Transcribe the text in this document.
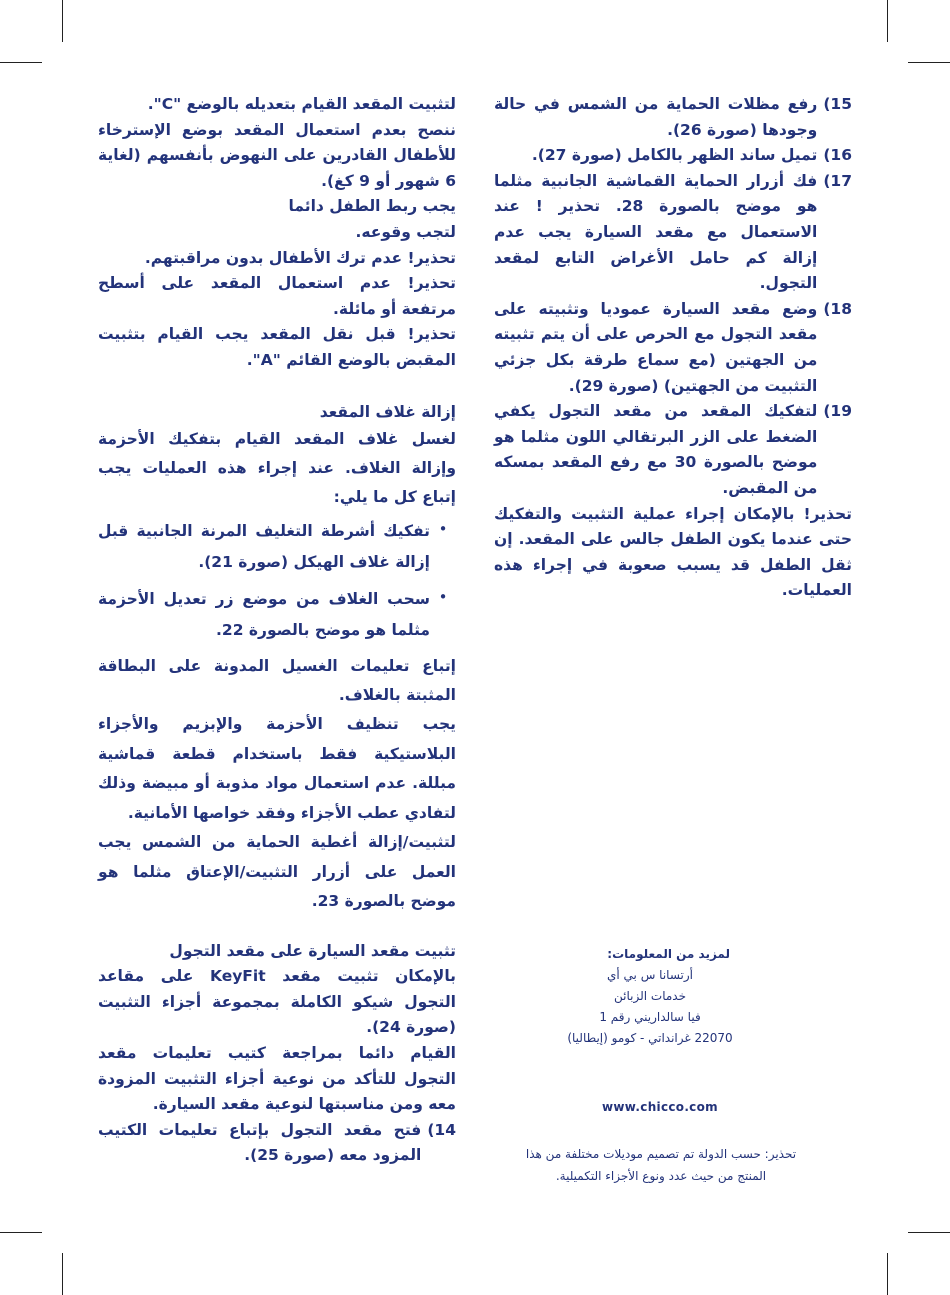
15)
رفع مظلات الحماية من الشمس في حالة وجودها (صورة 26).
16)
تميل ساند الظهر بالكامل (صورة 27).
17)
فك أزرار الحماية القماشية الجانبية مثلما هو موضح بالصورة 28. تحذير ! عند الاستعمال مع مقعد السيارة يجب عدم إزالة كم حامل الأغراض التابع لمقعد التجول.
18)
وضع مقعد السيارة عموديا وتثبيته على مقعد التجول مع الحرص على أن يتم تثبيته من الجهتين (مع سماع طرقة بكل جزئي التثبيت من الجهتين) (صورة 29).
19)
لتفكيك المقعد من مقعد التجول يكفي الضغط على الزر البرتقالي اللون مثلما هو موضح بالصورة 30 مع رفع المقعد بمسكه من المقبض.

تحذير! بالإمكان إجراء عملية التثبيت والتفكيك حتى عندما يكون الطفل جالس على المقعد. إن ثقل الطفل قد يسبب صعوبة في إجراء هذه العمليات.

لتثبيت المقعد القيام بتعديله بالوضع "C".

ننصح بعدم استعمال المقعد بوضع الإسترخاء للأطفال القادرين على النهوض بأنفسهم (لغاية 6 شهور أو 9 كغ).

يجب ربط الطفل دائما

لتجب وقوعه.

تحذير! عدم ترك الأطفال بدون مراقبتهم.

تحذير! عدم استعمال المقعد على أسطح مرتفعة أو مائلة.

تحذير! قبل نقل المقعد يجب القيام بتثبيت المقبض بالوضع القائم "A".

إزالة غلاف المقعد

لغسل غلاف المقعد القيام بتفكيك الأحزمة وإزالة الغلاف. عند إجراء هذه العمليات يجب إتباع كل ما يلي:

•
تفكيك أشرطة التغليف المرنة الجانبية قبل إزالة غلاف الهيكل (صورة 21).
•
سحب الغلاف من موضع زر تعديل الأحزمة مثلما هو موضح بالصورة 22.

إتباع تعليمات الغسيل المدونة على البطاقة المثبتة بالغلاف.

يجب تنظيف الأحزمة والإبزيم والأجزاء البلاستيكية فقط باستخدام قطعة قماشية مبللة. عدم استعمال مواد مذوبة أو مبيضة وذلك لتفادي عطب الأجزاء وفقد خواصها الأمانية.

لتثبيت/إزالة أغطية الحماية من الشمس يجب العمل على أزرار التثبيت/الإعتاق مثلما هو موضح بالصورة 23.

تثبيت مقعد السيارة على مقعد التجول

بالإمكان تثبيت مقعد KeyFit على مقاعد التجول شيكو الكاملة بمجموعة أجزاء التثبيت (صورة 24).

القيام دائما بمراجعة كتيب تعليمات مقعد التجول للتأكد من نوعية أجزاء التثبيت المزودة معه ومن مناسبتها لنوعية مقعد السيارة.

14)
فتح مقعد التجول بإتباع تعليمات الكتيب المزود معه (صورة 25).
لمزيد من المعلومات:
أرتسانا س بي أي
خدمات الزبائن
فيا سالداريني رقم 1
22070 غرانداتي - كومو (إيطاليا)
www.chicco.com
تحذير: حسب الدولة تم تصميم موديلات مختلفة من هذا
المنتج من حيث عدد ونوع الأجزاء التكميلية.
